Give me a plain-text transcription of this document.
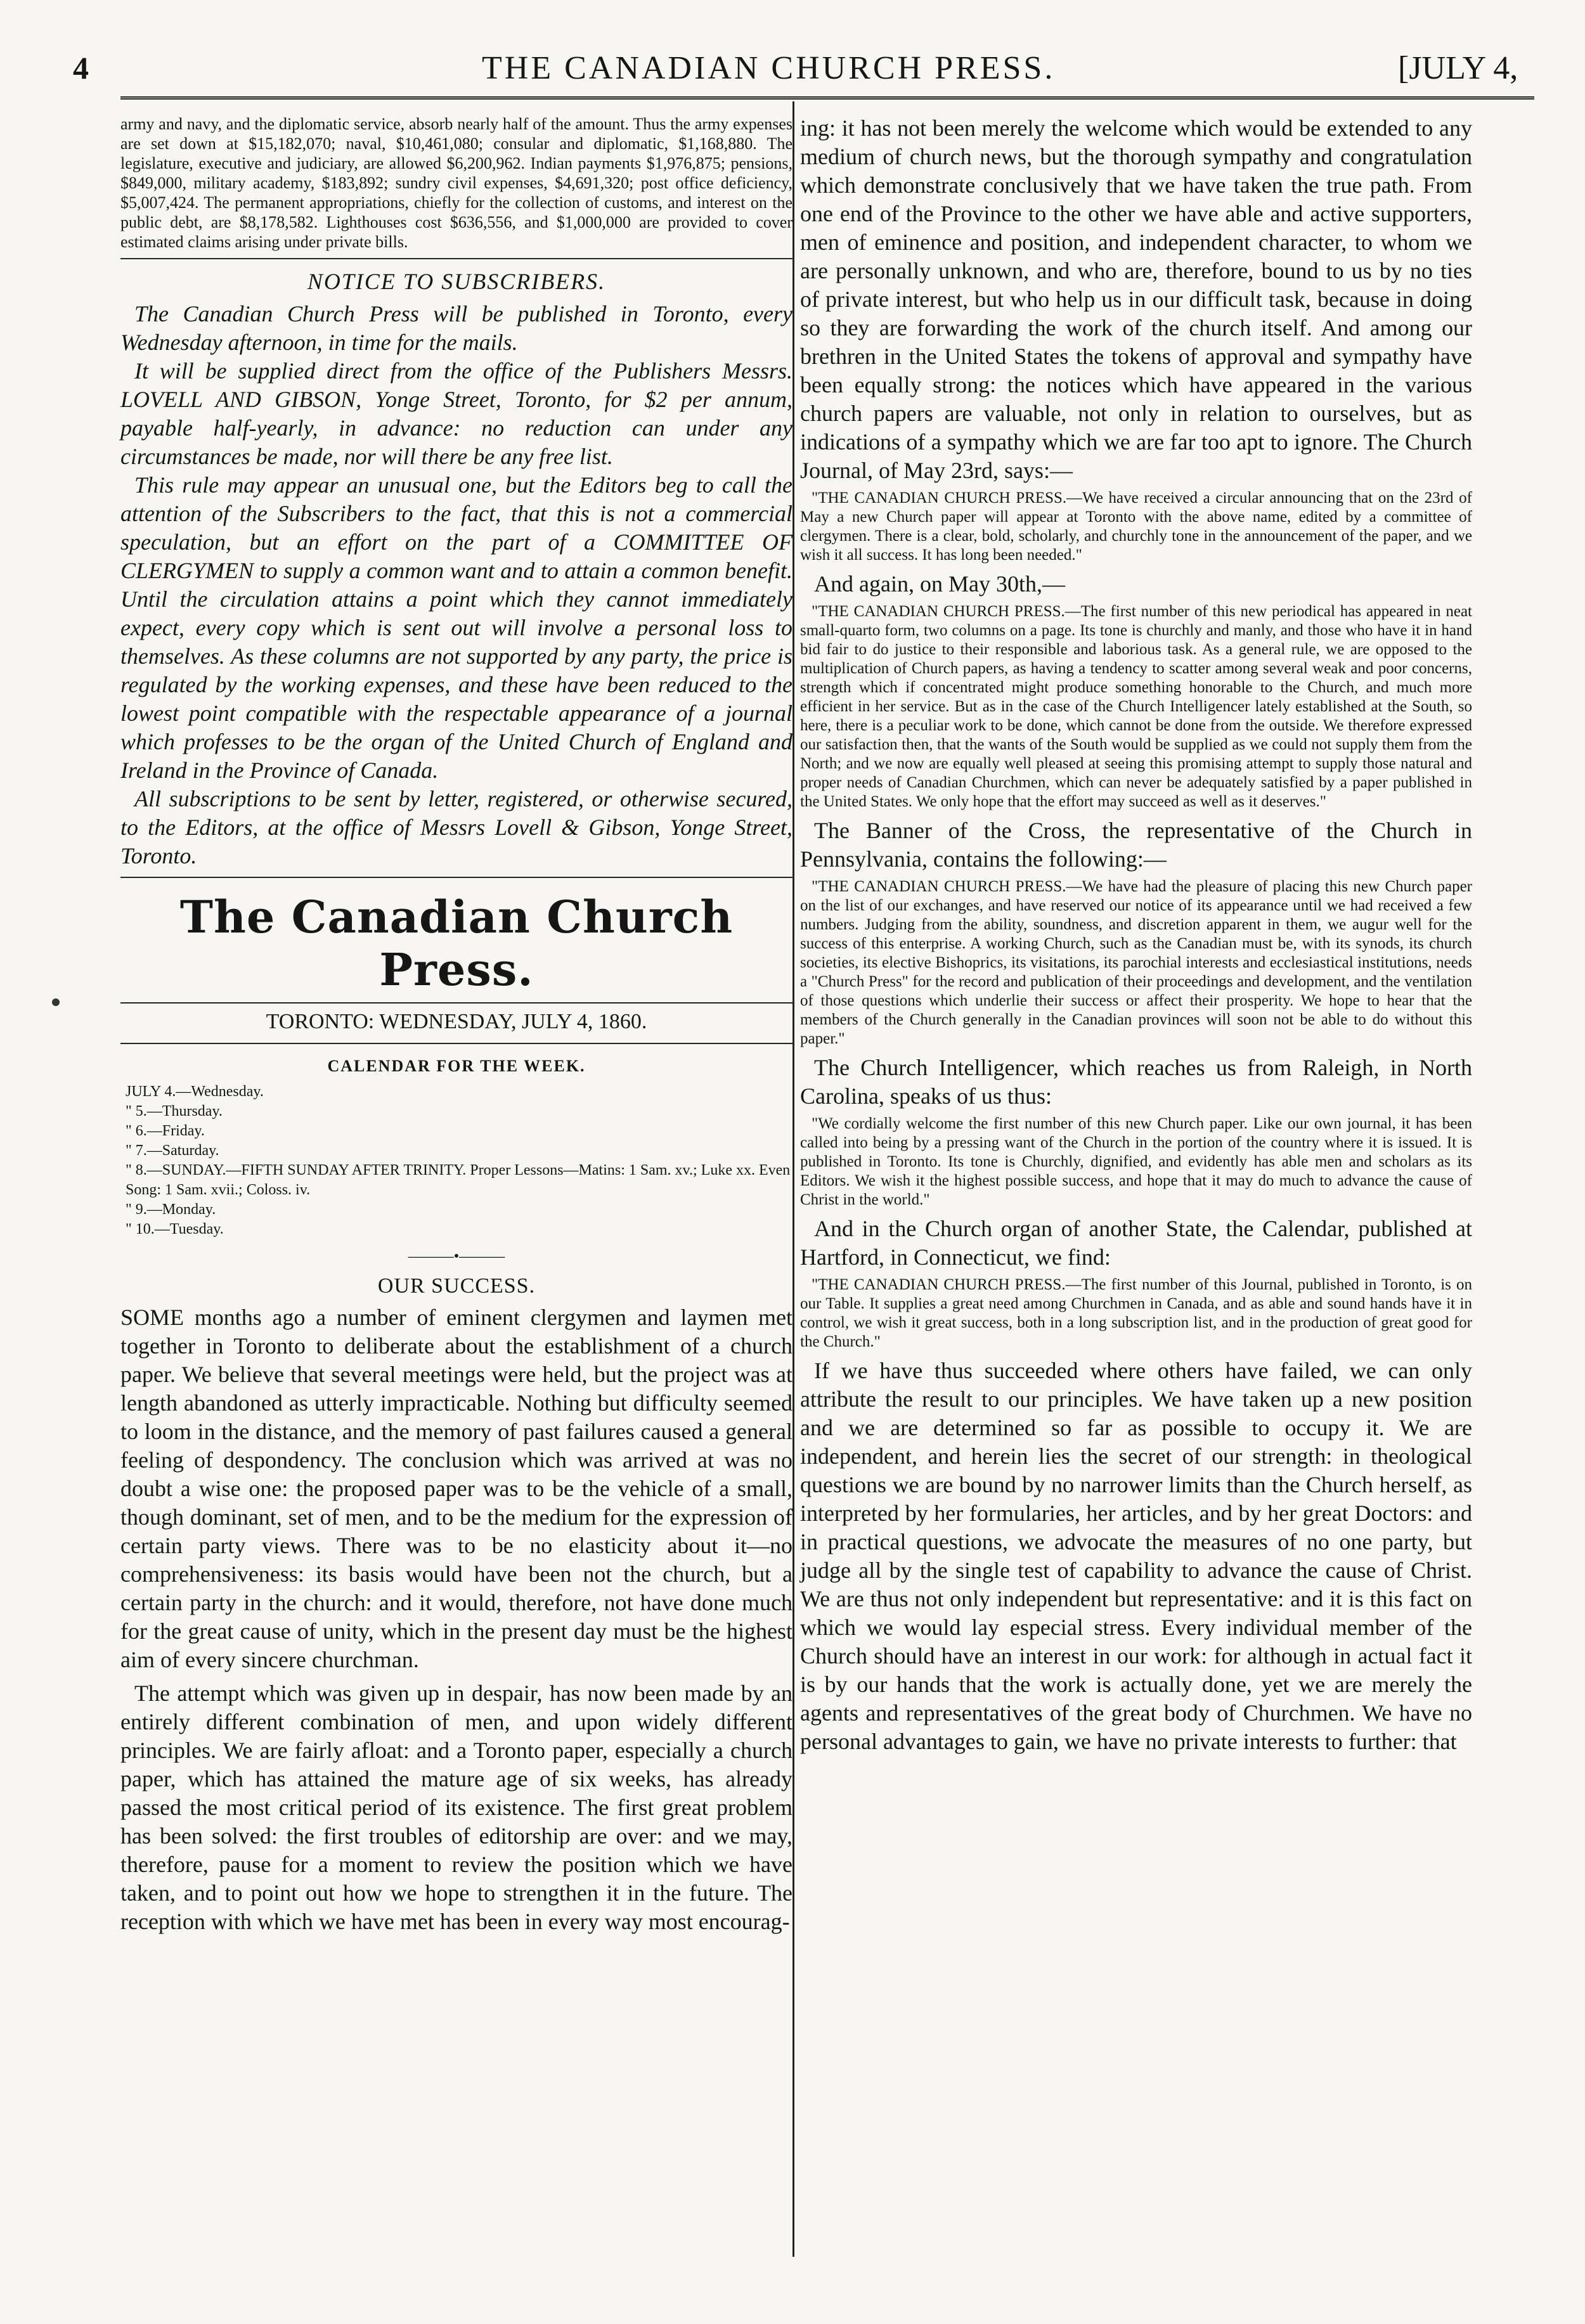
4	THE CANADIAN CHURCH PRESS.	[JULY 4,

army and navy, and the diplomatic service, absorb nearly half of the amount. Thus the army expenses are set down at $15,182,070; naval, $10,461,080; consular and diplomatic, $1,168,880. The legislature, executive and judiciary, are allowed $6,200,962. Indian payments $1,976,875; pensions, $849,000, military academy, $183,892; sundry civil expenses, $4,691,320; post office deficiency, $5,007,424. The permanent appropriations, chiefly for the collection of customs, and interest on the public debt, are $8,178,582. Lighthouses cost $636,556, and $1,000,000 are provided to cover estimated claims arising under private bills.

NOTICE TO SUBSCRIBERS.

The Canadian Church Press will be published in Toronto, every Wednesday afternoon, in time for the mails.

It will be supplied direct from the office of the Publishers Messrs. LOVELL AND GIBSON, Yonge Street, Toronto, for $2 per annum, payable half-yearly, in advance: no reduction can under any circumstances be made, nor will there be any free list.

This rule may appear an unusual one, but the Editors beg to call the attention of the Subscribers to the fact, that this is not a commercial speculation, but an effort on the part of a COMMITTEE OF CLERGYMEN to supply a common want and to attain a common benefit. Until the circulation attains a point which they cannot immediately expect, every copy which is sent out will involve a personal loss to themselves. As these columns are not supported by any party, the price is regulated by the working expenses, and these have been reduced to the lowest point compatible with the respectable appearance of a journal which professes to be the organ of the United Church of England and Ireland in the Province of Canada.

All subscriptions to be sent by letter, registered, or otherwise secured, to the Editors, at the office of Messrs Lovell & Gibson, Yonge Street, Toronto.

The Canadian Church Press.
TORONTO: WEDNESDAY, JULY 4, 1860.
CALENDAR FOR THE WEEK.
JULY 4.—Wednesday.
" 5.—Thursday.
" 6.—Friday.
" 7.—Saturday.
" 8.—SUNDAY.—FIFTH SUNDAY AFTER TRINITY. Proper Lessons—Matins: 1 Sam. xv.; Luke xx. Even Song: 1 Sam. xvii.; Coloss. iv.
" 9.—Monday.
" 10.—Tuesday.
———•———
OUR SUCCESS.

SOME months ago a number of eminent clergymen and laymen met together in Toronto to deliberate about the establishment of a church paper. We believe that several meetings were held, but the project was at length abandoned as utterly impracticable. Nothing but difficulty seemed to loom in the distance, and the memory of past failures caused a general feeling of despondency. The conclusion which was arrived at was no doubt a wise one: the proposed paper was to be the vehicle of a small, though dominant, set of men, and to be the medium for the expression of certain party views. There was to be no elasticity about it—no comprehensiveness: its basis would have been not the church, but a certain party in the church: and it would, therefore, not have done much for the great cause of unity, which in the present day must be the highest aim of every sincere churchman.

The attempt which was given up in despair, has now been made by an entirely different combination of men, and upon widely different principles. We are fairly afloat: and a Toronto paper, especially a church paper, which has attained the mature age of six weeks, has already passed the most critical period of its existence. The first great problem has been solved: the first troubles of editorship are over: and we may, therefore, pause for a moment to review the position which we have taken, and to point out how we hope to strengthen it in the future. The reception with which we have met has been in every way most encourag-

ing: it has not been merely the welcome which would be extended to any medium of church news, but the thorough sympathy and congratulation which demonstrate conclusively that we have taken the true path. From one end of the Province to the other we have able and active supporters, men of eminence and position, and independent character, to whom we are personally unknown, and who are, therefore, bound to us by no ties of private interest, but who help us in our difficult task, because in doing so they are forwarding the work of the church itself. And among our brethren in the United States the tokens of approval and sympathy have been equally strong: the notices which have appeared in the various church papers are valuable, not only in relation to ourselves, but as indications of a sympathy which we are far too apt to ignore. The Church Journal, of May 23rd, says:—

"THE CANADIAN CHURCH PRESS.—We have received a circular announcing that on the 23rd of May a new Church paper will appear at Toronto with the above name, edited by a committee of clergymen. There is a clear, bold, scholarly, and churchly tone in the announcement of the paper, and we wish it all success. It has long been needed."

And again, on May 30th,—

"THE CANADIAN CHURCH PRESS.—The first number of this new periodical has appeared in neat small-quarto form, two columns on a page. Its tone is churchly and manly, and those who have it in hand bid fair to do justice to their responsible and laborious task. As a general rule, we are opposed to the multiplication of Church papers, as having a tendency to scatter among several weak and poor concerns, strength which if concentrated might produce something honorable to the Church, and much more efficient in her service. But as in the case of the Church Intelligencer lately established at the South, so here, there is a peculiar work to be done, which cannot be done from the outside. We therefore expressed our satisfaction then, that the wants of the South would be supplied as we could not supply them from the North; and we now are equally well pleased at seeing this promising attempt to supply those natural and proper needs of Canadian Churchmen, which can never be adequately satisfied by a paper published in the United States. We only hope that the effort may succeed as well as it deserves."

The Banner of the Cross, the representative of the Church in Pennsylvania, contains the following:—

"THE CANADIAN CHURCH PRESS.—We have had the pleasure of placing this new Church paper on the list of our exchanges, and have reserved our notice of its appearance until we had received a few numbers. Judging from the ability, soundness, and discretion apparent in them, we augur well for the success of this enterprise. A working Church, such as the Canadian must be, with its synods, its church societies, its elective Bishoprics, its visitations, its parochial interests and ecclesiastical institutions, needs a "Church Press" for the record and publication of their proceedings and development, and the ventilation of those questions which underlie their success or affect their prosperity. We hope to hear that the members of the Church generally in the Canadian provinces will soon not be able to do without this paper."

The Church Intelligencer, which reaches us from Raleigh, in North Carolina, speaks of us thus:

"We cordially welcome the first number of this new Church paper. Like our own journal, it has been called into being by a pressing want of the Church in the portion of the country where it is issued. It is published in Toronto. Its tone is Churchly, dignified, and evidently has able men and scholars as its Editors. We wish it the highest possible success, and hope that it may do much to advance the cause of Christ in the world."

And in the Church organ of another State, the Calendar, published at Hartford, in Connecticut, we find:

"THE CANADIAN CHURCH PRESS.—The first number of this Journal, published in Toronto, is on our Table. It supplies a great need among Churchmen in Canada, and as able and sound hands have it in control, we wish it great success, both in a long subscription list, and in the production of great good for the Church."

If we have thus succeeded where others have failed, we can only attribute the result to our principles. We have taken up a new position and we are determined so far as possible to occupy it. We are independent, and herein lies the secret of our strength: in theological questions we are bound by no narrower limits than the Church herself, as interpreted by her formularies, her articles, and by her great Doctors: and in practical questions, we advocate the measures of no one party, but judge all by the single test of capability to advance the cause of Christ. We are thus not only independent but representative: and it is this fact on which we would lay especial stress. Every individual member of the Church should have an interest in our work: for although in actual fact it is by our hands that the work is actually done, yet we are merely the agents and representatives of the great body of Churchmen. We have no personal advantages to gain, we have no private interests to further: that
